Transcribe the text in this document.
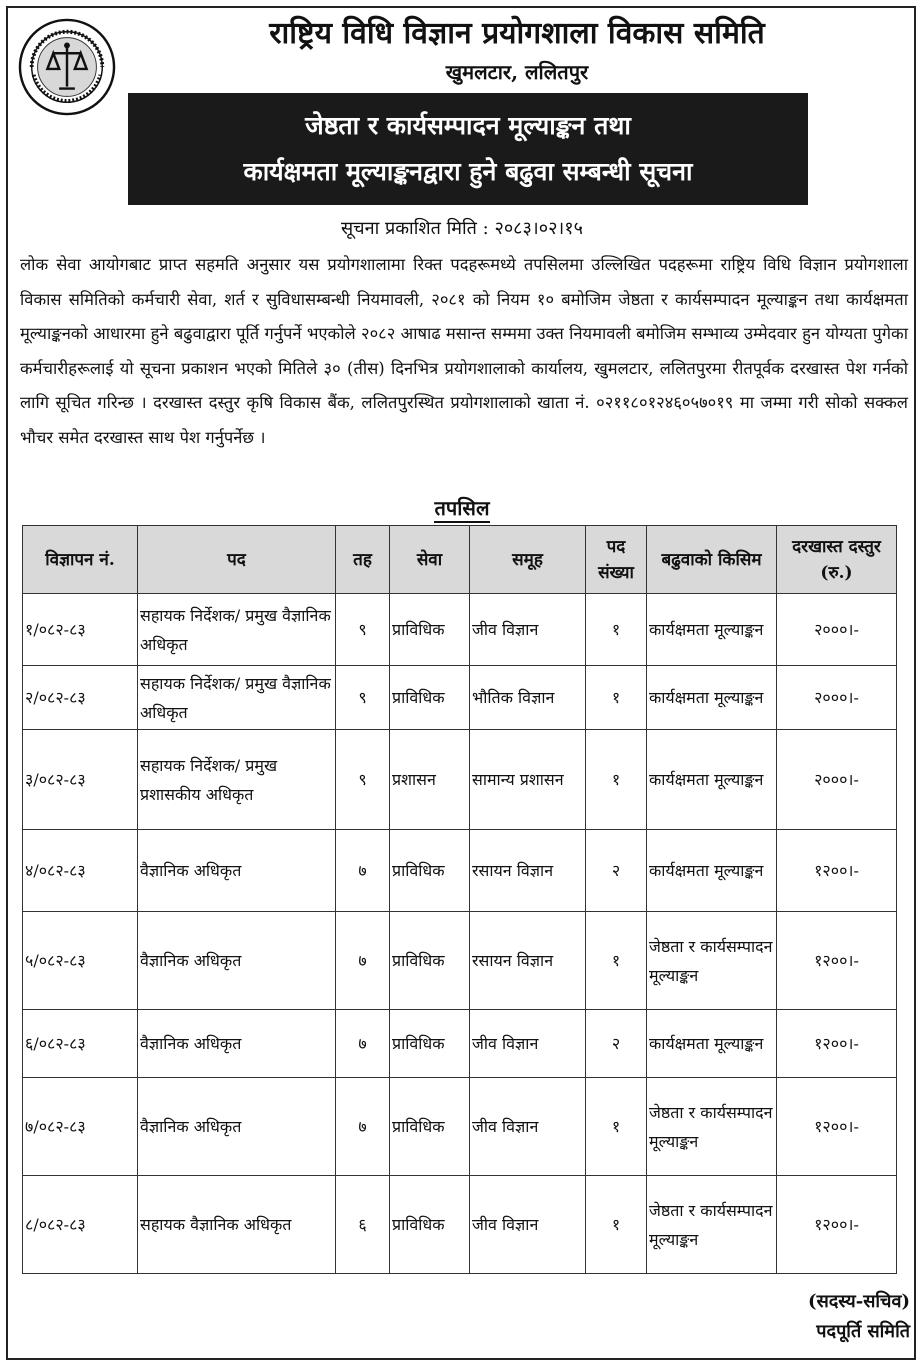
राष्ट्रिय विधि विज्ञान प्रयोगशाला विकास समिति
खुमलटार, ललितपुर
जेष्ठता र कार्यसम्पादन मूल्याङ्कन तथा
कार्यक्षमता मूल्याङ्कनद्वारा हुने बढुवा सम्बन्धी सूचना
सूचना प्रकाशित मिति : २०८३।०२।१५

लोक सेवा आयोगबाट प्राप्त सहमति अनुसार यस प्रयोगशालामा रिक्त पदहरूमध्ये तपसिलमा उल्लिखित पदहरूमा राष्ट्रिय विधि विज्ञान प्रयोगशाला विकास समितिको कर्मचारी सेवा, शर्त र सुविधासम्बन्धी नियमावली, २०८१ को नियम १० बमोजिम जेष्ठता र कार्यसम्पादन मूल्याङ्कन तथा कार्यक्षमता मूल्याङ्कनको आधारमा हुने बढुवाद्वारा पूर्ति गर्नुपर्ने भएकोले २०८२ आषाढ मसान्त सम्ममा उक्त नियमावली बमोजिम सम्भाव्य उम्मेदवार हुन योग्यता पुगेका कर्मचारीहरूलाई यो सूचना प्रकाशन भएको मितिले ३० (तीस) दिनभित्र प्रयोगशालाको कार्यालय, खुमलटार, ललितपुरमा रीतपूर्वक दरखास्त पेश गर्नको लागि सूचित गरिन्छ । दरखास्त दस्तुर कृषि विकास बैंक, ललितपुरस्थित प्रयोगशालाको खाता नं. ०२११८०१२४६०५७०१९ मा जम्मा गरी सोको सक्कल भौचर समेत दरखास्त साथ पेश गर्नुपर्नेछ ।

तपसिल
विज्ञापन नं.	पद	तह	सेवा	समूह	पद संख्या	बढुवाको किसिम	दरखास्त दस्तुर (रु.)
१/०८२-८३	सहायक निर्देशक/ प्रमुख वैज्ञानिक अधिकृत	९	प्राविधिक	जीव विज्ञान	१	कार्यक्षमता मूल्याङ्कन	२०००।-
२/०८२-८३	सहायक निर्देशक/ प्रमुख वैज्ञानिक अधिकृत	९	प्राविधिक	भौतिक विज्ञान	१	कार्यक्षमता मूल्याङ्कन	२०००।-
३/०८२-८३	सहायक निर्देशक/ प्रमुख प्रशासकीय अधिकृत	९	प्रशासन	सामान्य प्रशासन	१	कार्यक्षमता मूल्याङ्कन	२०००।-
४/०८२-८३	वैज्ञानिक अधिकृत	७	प्राविधिक	रसायन विज्ञान	२	कार्यक्षमता मूल्याङ्कन	१२००।-
५/०८२-८३	वैज्ञानिक अधिकृत	७	प्राविधिक	रसायन विज्ञान	१	जेष्ठता र कार्यसम्पादन मूल्याङ्कन	१२००।-
६/०८२-८३	वैज्ञानिक अधिकृत	७	प्राविधिक	जीव विज्ञान	२	कार्यक्षमता मूल्याङ्कन	१२००।-
७/०८२-८३	वैज्ञानिक अधिकृत	७	प्राविधिक	जीव विज्ञान	१	जेष्ठता र कार्यसम्पादन मूल्याङ्कन	१२००।-
८/०८२-८३	सहायक वैज्ञानिक अधिकृत	६	प्राविधिक	जीव विज्ञान	१	जेष्ठता र कार्यसम्पादन मूल्याङ्कन	१२००।-
(सदस्य-सचिव)
पदपूर्ति समिति
